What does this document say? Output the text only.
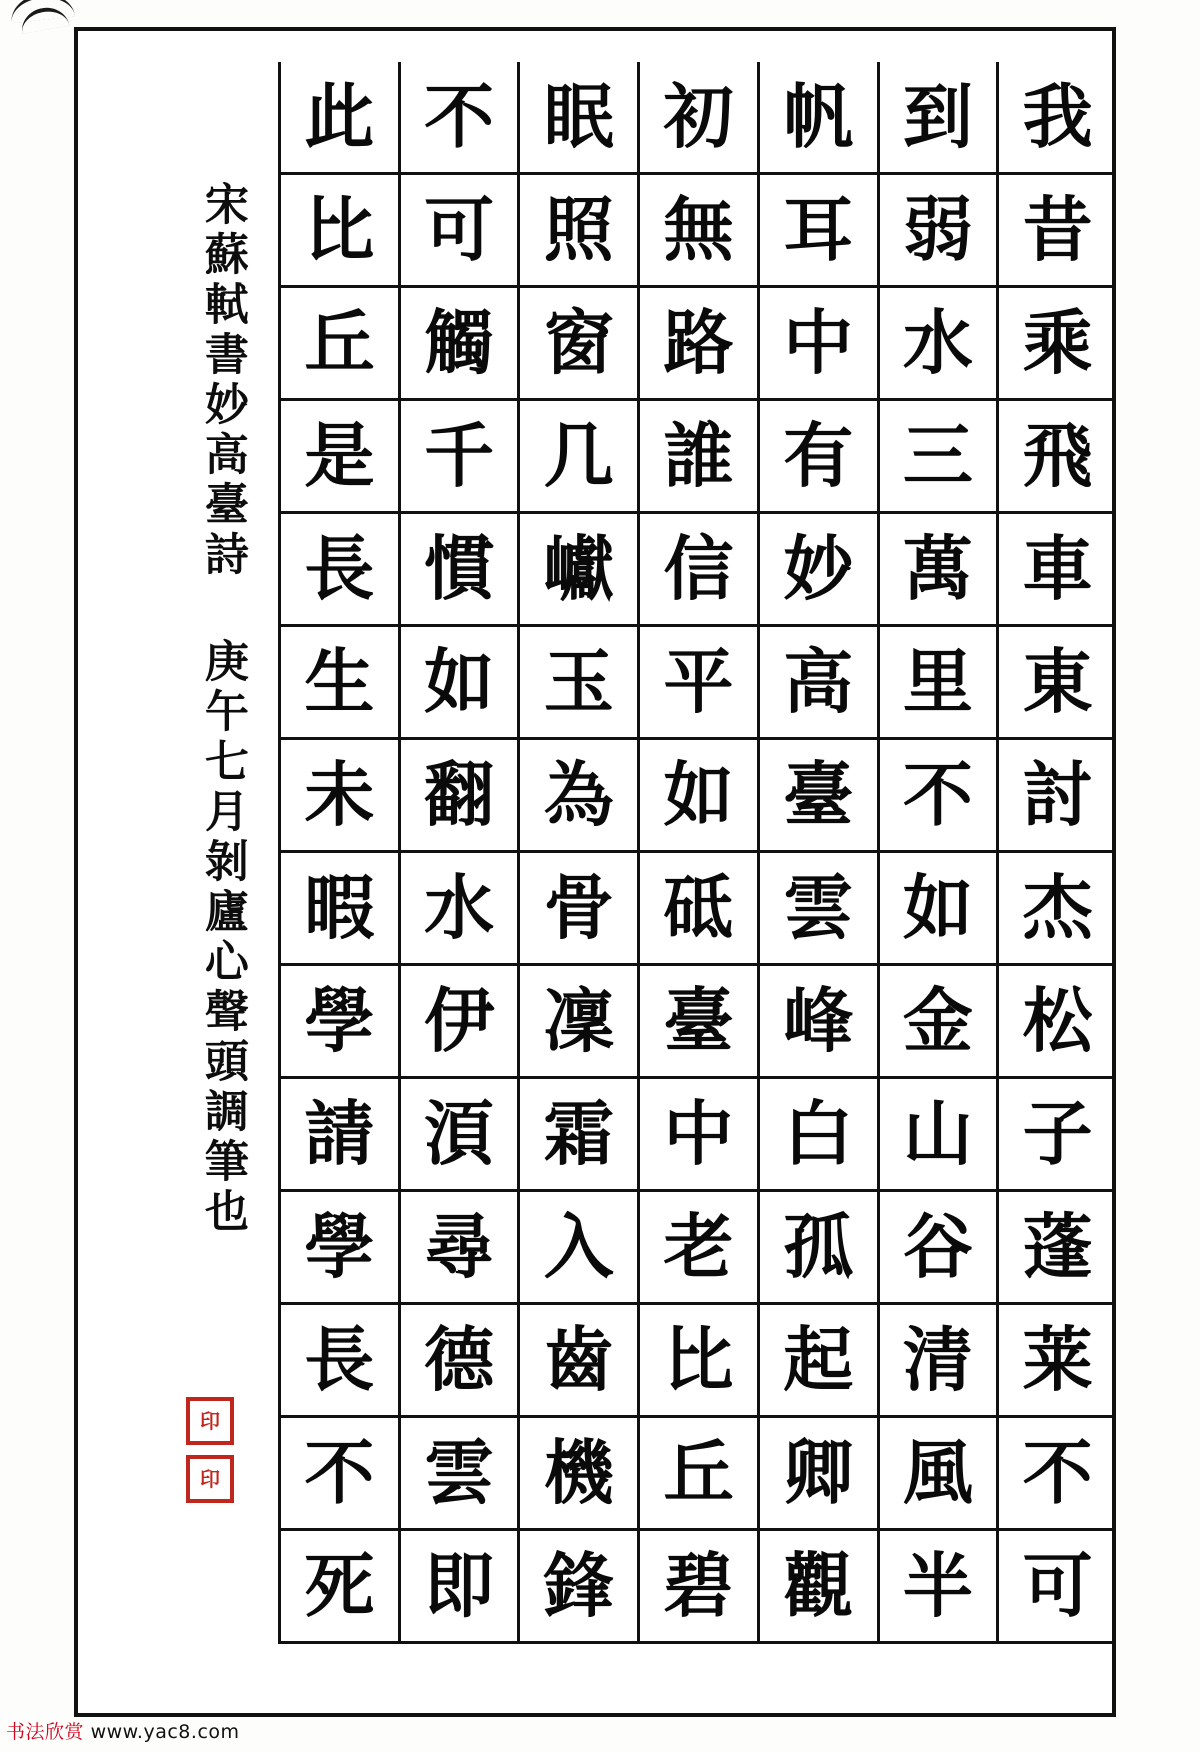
宋蘇軾書妙高臺詩 庚午七月剝廬心聲頭調筆也
印
印
此 不 眠 初 帆 到 我
比 可 照 無 耳 弱 昔
丘 觸 窗 路 中 水 乘
是 千 几 誰 有 三 飛
長 慣 巘 信 妙 萬 車
生 如 玉 平 高 里 東
未 翻 為 如 臺 不 討
暇 水 骨 砥 雲 如 杰
學 伊 凜 臺 峰 金 松
請 湏 霜 中 白 山 子
學 尋 入 老 孤 谷 蓬
長 德 齒 比 起 清 莱
不 雲 機 丘 卿 風 不
死 即 鋒 碧 觀 半 可
书法欣赏 www.yac8.com
